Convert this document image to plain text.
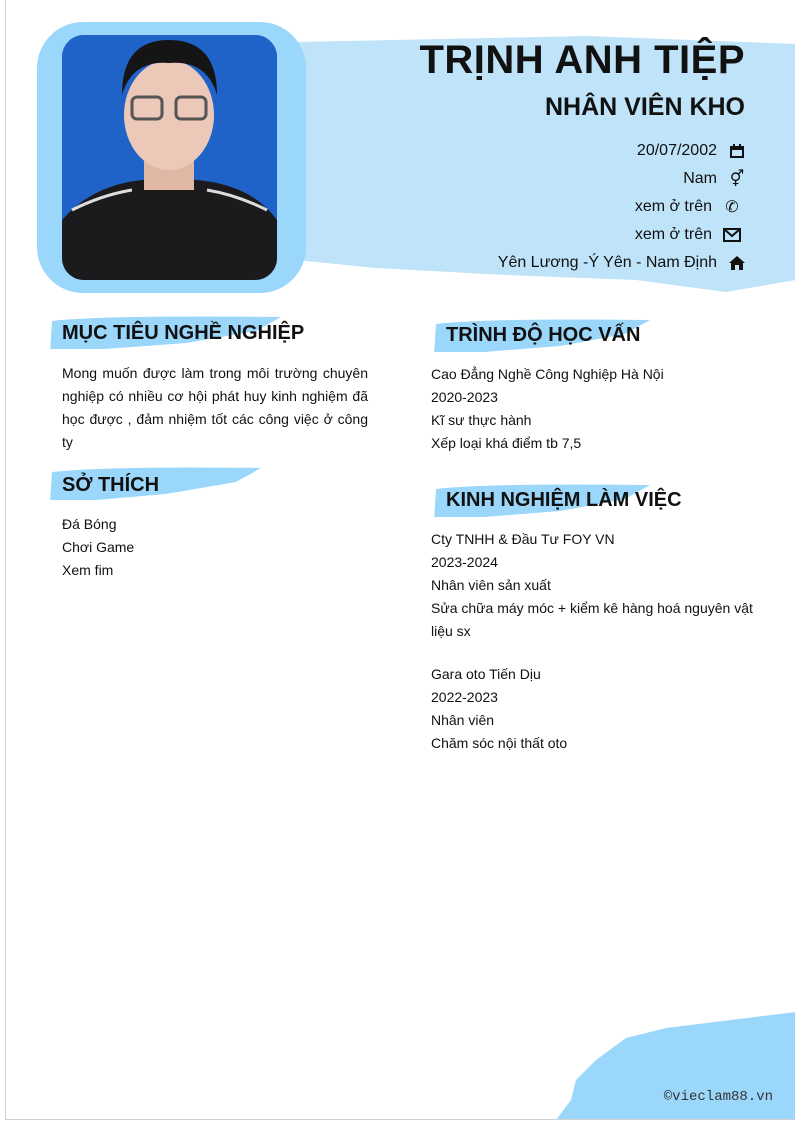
TRỊNH ANH TIỆP
NHÂN VIÊN KHO
20/07/2002
Nam ⚥
xem ở trên ✆
xem ở trên
Yên Lương -Ý Yên - Nam Định
MỤC TIÊU NGHỀ NGHIỆP
Mong muốn được làm trong môi trường chuyên nghiệp có nhiều cơ hội phát huy kinh nghiệm đã học được , đảm nhiệm tốt các công việc ở công ty
SỞ THÍCH
Đá Bóng
Chơi Game
Xem fim
TRÌNH ĐỘ HỌC VẤN
Cao Đẳng Nghề Công Nghiệp Hà Nội
2020-2023
Kĩ sư thực hành
Xếp loại khá điểm tb 7,5
KINH NGHIỆM LÀM VIỆC
Cty TNHH & Đầu Tư FOY VN
2023-2024
Nhân viên sản xuất
Sửa chữa máy móc + kiểm kê hàng hoá nguyên vật liệu sx
Gara oto Tiến Dịu
2022-2023
Nhân viên
Chăm sóc nội thất oto
©vieclam88.vn
